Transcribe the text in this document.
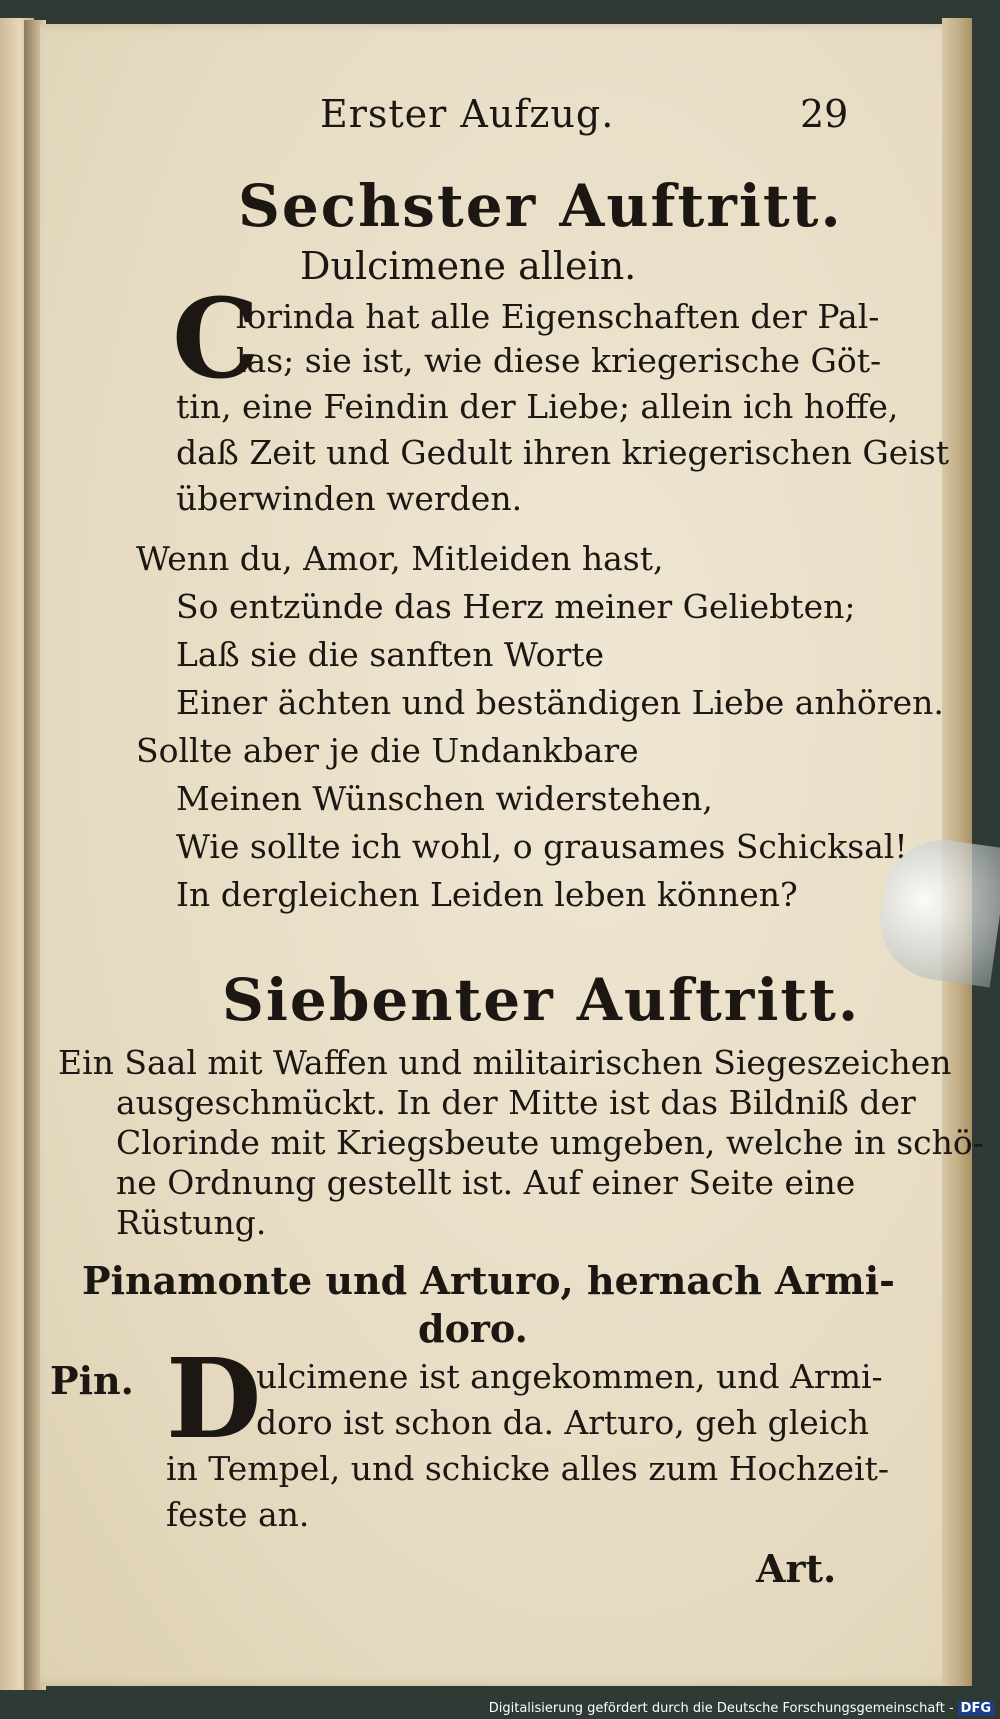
Erster Aufzug.	29
Sechster Auftritt.
Dulcimene allein.
C
lorinda hat alle Eigenschaften der Pal-
las; sie ist, wie diese kriegerische Göt-
tin, eine Feindin der Liebe; allein ich hoffe,
daß Zeit und Gedult ihren kriegerischen Geist
überwinden werden.
Wenn du, Amor, Mitleiden hast,
So entzünde das Herz meiner Geliebten;
Laß sie die sanften Worte
Einer ächten und beständigen Liebe anhören.
Sollte aber je die Undankbare
Meinen Wünschen widerstehen,
Wie sollte ich wohl, o grausames Schicksal!
In dergleichen Leiden leben können?
Siebenter Auftritt.
Ein Saal mit Waffen und militairischen Siegeszeichen
ausgeschmückt. In der Mitte ist das Bildniß der
Clorinde mit Kriegsbeute umgeben, welche in schö-
ne Ordnung gestellt ist. Auf einer Seite eine
Rüstung.
Pinamonte und Arturo, hernach Armi-
doro.
Pin. D
ulcimene ist angekommen, und Armi-
doro ist schon da. Arturo, geh gleich
in Tempel, und schicke alles zum Hochzeit-
feste an.
Art.
Digitalisierung gefördert durch die Deutsche Forschungsgemeinschaft - DFG
